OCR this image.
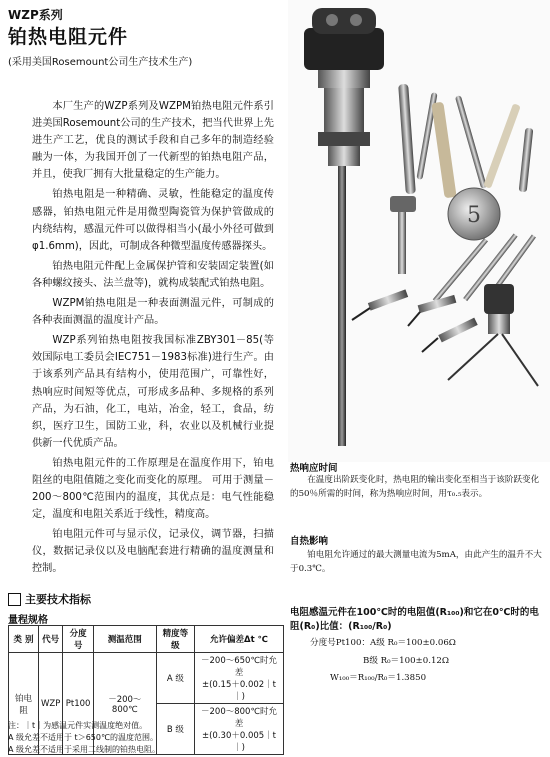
WZP系列
铂热电阻元件
(采用美国Rosemount公司生产技术生产)

本厂生产的WZP系列及WZPM铂热电阻元件系引进美国Rosemount公司的生产技术，把当代世界上先进生产工艺，优良的测试手段和自己多年的制造经验融为一体，为我国开创了一代新型的铂热电阻产品，并且，使我厂拥有大批量稳定的生产能力。

铂热电阻是一种精确、灵敏，性能稳定的温度传感器，铂热电阻元件是用微型陶瓷管为保护管做成的内绕结构，感温元件可以做得相当小(最小外径可做到φ1.6mm)，因此，可制成各种微型温度传感器探头。

铂热电阻元件配上金属保护管和安装固定装置(如各种螺纹接头、法兰盘等)，就构成装配式铂热电阻。

WZPM铂热电阻是一种表面测温元件，可制成的各种表面测温的温度计产品。

WZP系列铂热电阻按我国标准ZBY301－85(等效国际电工委员会IEC751－1983标准)进行生产。由于该系列产品具有结构小，使用范围广，可靠性好，热响应时间短等优点，可形成多品种、多规格的系列产品，为石油，化工，电站，冶金，轻工，食品，纺织，医疗卫生，国防工业，科，农业以及机械行业提供新一代优质产品。

铂热电阻元件的工作原理是在温度作用下，铂电阻丝的电阻值随之变化而变化的原理。 可用于测量－200～800℃范围内的温度，其优点是：电气性能稳定，温度和电阻关系近于线性，精度高。

铂电阻元件可与显示仪，记录仪，调节器，扫描仪，数据记录仪以及电脑配套进行精确的温度测量和控制。

主要技术指标
量程规格
类 别	代号	分度号	测温范围	精度等级	允许偏差Δt ℃
铂电阻	WZP	Pt100	－200～800℃	A 级	－200～650℃时允差
±(0.15＋0.002｜t｜)

				B 级	－200～800℃时允差
±(0.30＋0.005｜t｜)
注：｜t｜为感温元件实测温度绝对值。
A 级允差不适用于 t＞650℃的温度范围。
A 级允差不适用于采用二线制的铂热电阻。
5
热响应时间
在温度出阶跃变化时，热电阻的输出变化至相当于该阶跃变化的50％所需的时间，称为热响应时间，用τ₀.₅表示。
自热影响
铂电阻允许通过的最大测量电流为5mA，由此产生的温升不大于0.3℃。
电阻感温元件在100℃时的电阻值(R₁₀₀)和它在0℃时的电阻(R₀)比值：(R₁₀₀/R₀)
分度号Pt100：A级 R₀＝100±0.06Ω
B级 R₀＝100±0.12Ω
W₁₀₀＝R₁₀₀/R₀＝1.3850
